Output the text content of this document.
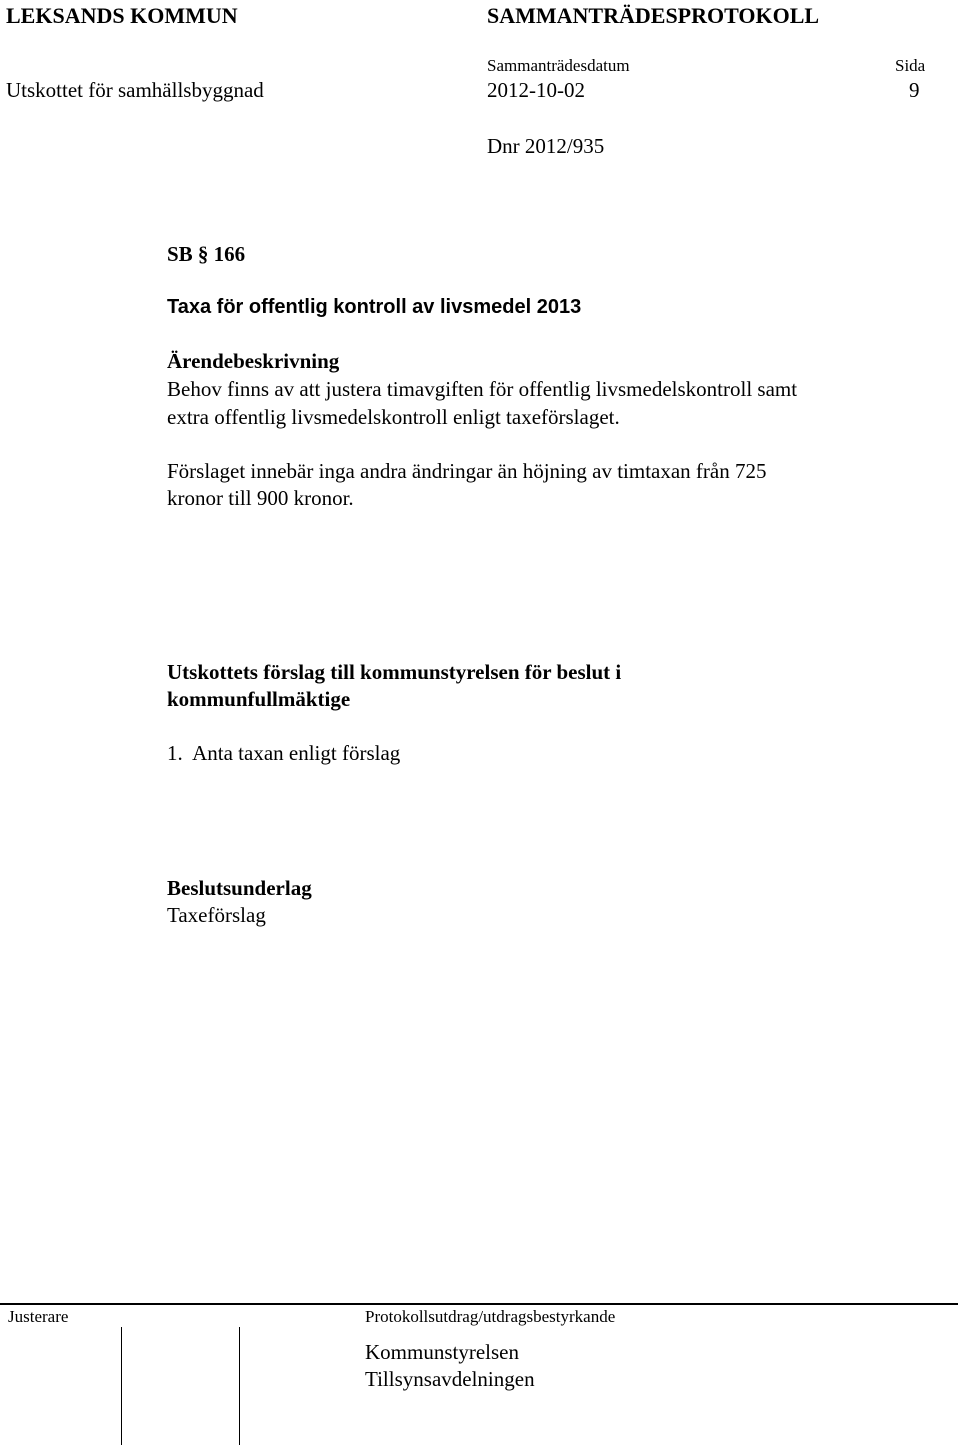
LEKSANDS KOMMUN	SAMMANTRÄDESPROTOKOLL
Sammanträdesdatum	Sida
Utskottet för samhällsbyggnad	2012-10-02	9
Dnr 2012/935
SB § 166
Taxa för offentlig kontroll av livsmedel 2013
Ärendebeskrivning
Behov finns av att justera timavgiften för offentlig livsmedelskontroll samt
extra offentlig livsmedelskontroll enligt taxeförslaget.
Förslaget innebär inga andra ändringar än höjning av timtaxan från 725
kronor till 900 kronor.
Utskottets förslag till kommunstyrelsen för beslut i
kommunfullmäktige
1.  Anta taxan enligt förslag
Beslutsunderlag
Taxeförslag
Justerare	Protokollsutdrag/utdragsbestyrkande
Kommunstyrelsen
Tillsynsavdelningen
